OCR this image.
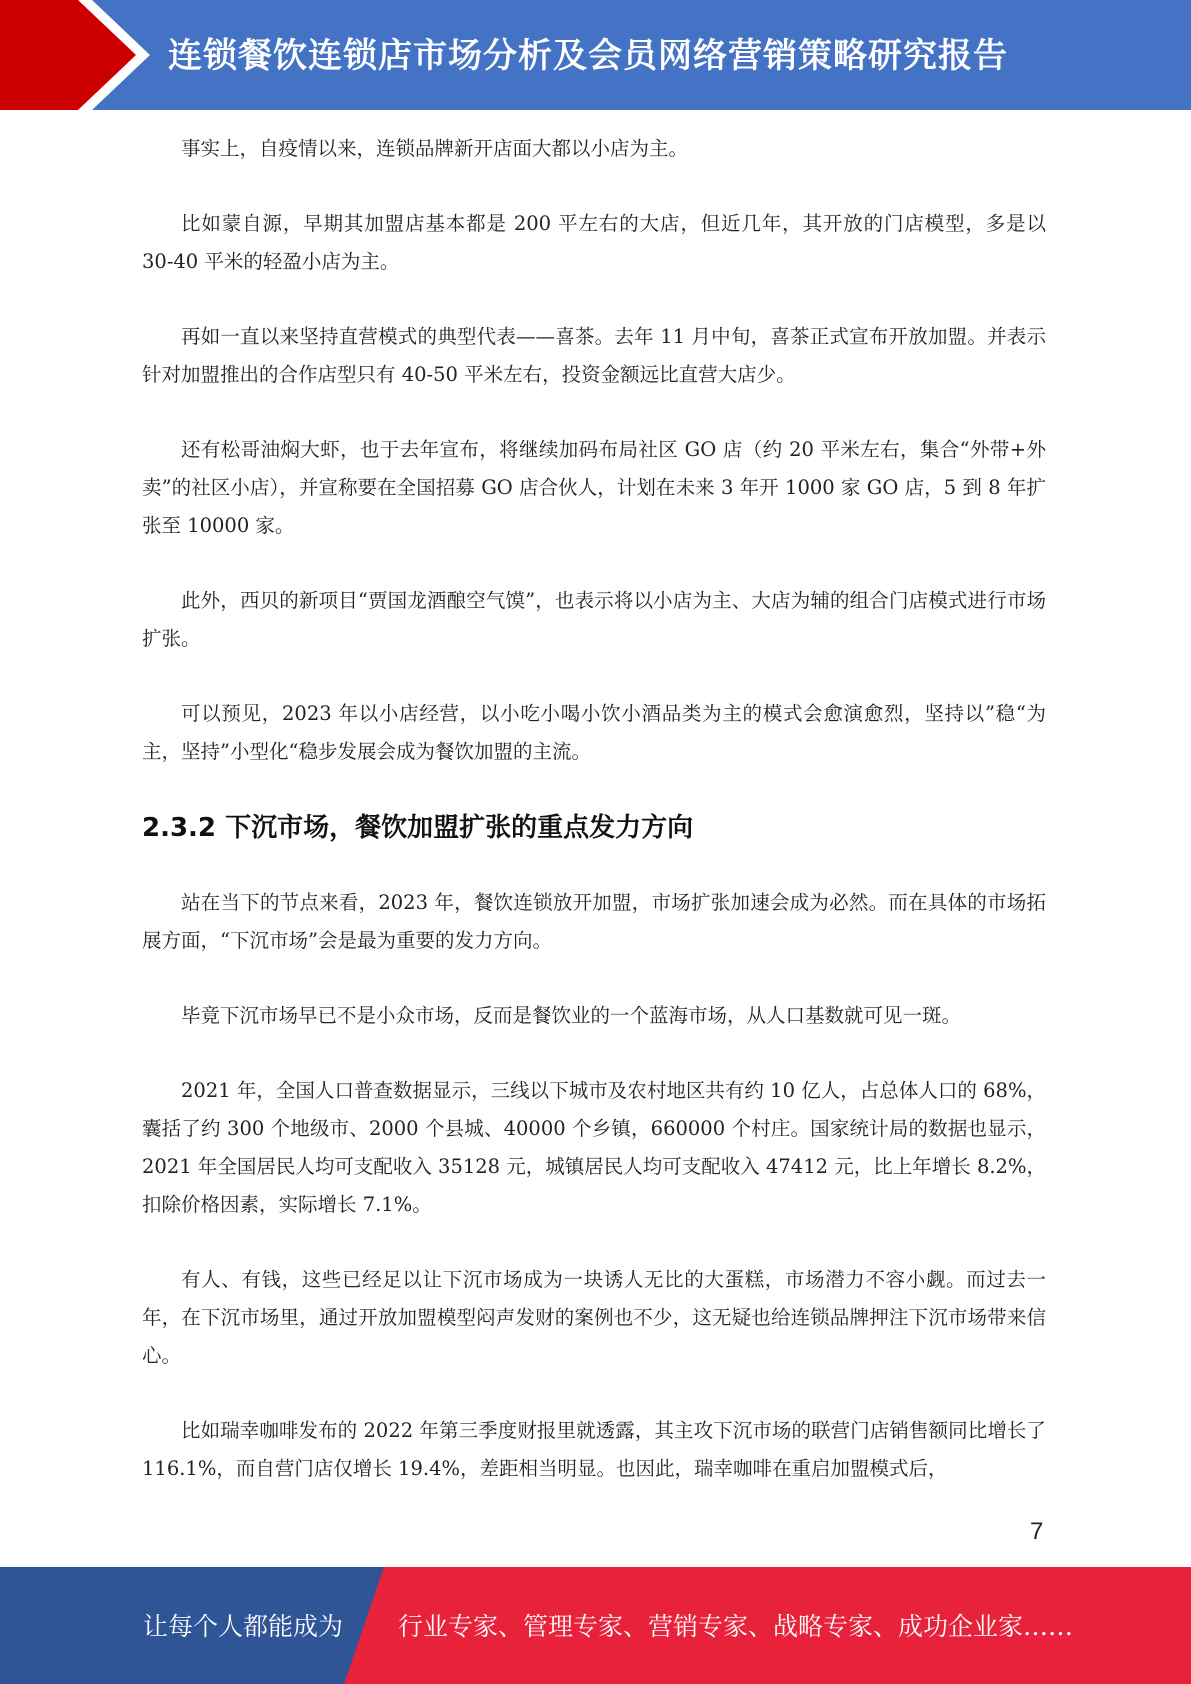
连锁餐饮连锁店市场分析及会员网络营销策略研究报告

事实上，自疫情以来，连锁品牌新开店面大都以小店为主。

比如蒙自源，早期其加盟店基本都是 200 平左右的大店，但近几年，其开放的门店模型，多是以 30-40 平米的轻盈小店为主。

再如一直以来坚持直营模式的典型代表——喜茶。去年 11 月中旬，喜茶正式宣布开放加盟。并表示针对加盟推出的合作店型只有 40-50 平米左右，投资金额远比直营大店少。

还有松哥油焖大虾，也于去年宣布，将继续加码布局社区 GO 店（约 20 平米左右，集合“外带+外卖”的社区小店），并宣称要在全国招募 GO 店合伙人，计划在未来 3 年开 1000 家 GO 店，5 到 8 年扩张至 10000 家。

此外，西贝的新项目“贾国龙酒酿空气馍”，也表示将以小店为主、大店为辅的组合门店模式进行市场扩张。

可以预见，2023 年以小店经营，以小吃小喝小饮小酒品类为主的模式会愈演愈烈，坚持以”稳“为主，坚持”小型化“稳步发展会成为餐饮加盟的主流。

2.3.2 下沉市场，餐饮加盟扩张的重点发力方向

站在当下的节点来看，2023 年，餐饮连锁放开加盟，市场扩张加速会成为必然。而在具体的市场拓展方面，“下沉市场”会是最为重要的发力方向。

毕竟下沉市场早已不是小众市场，反而是餐饮业的一个蓝海市场，从人口基数就可见一斑。

2021 年，全国人口普查数据显示，三线以下城市及农村地区共有约 10 亿人，占总体人口的 68%，囊括了约 300 个地级市、2000 个县城、40000 个乡镇，660000 个村庄。国家统计局的数据也显示，2021 年全国居民人均可支配收入 35128 元，城镇居民人均可支配收入 47412 元，比上年增长 8.2%，扣除价格因素，实际增长 7.1%。

有人、有钱，这些已经足以让下沉市场成为一块诱人无比的大蛋糕，市场潜力不容小觑。而过去一年，在下沉市场里，通过开放加盟模型闷声发财的案例也不少，这无疑也给连锁品牌押注下沉市场带来信心。

比如瑞幸咖啡发布的 2022 年第三季度财报里就透露，其主攻下沉市场的联营门店销售额同比增长了 116.1%，而自营门店仅增长 19.4%，差距相当明显。也因此，瑞幸咖啡在重启加盟模式后，

7
让每个人都能成为 行业专家、管理专家、营销专家、战略专家、成功企业家……
